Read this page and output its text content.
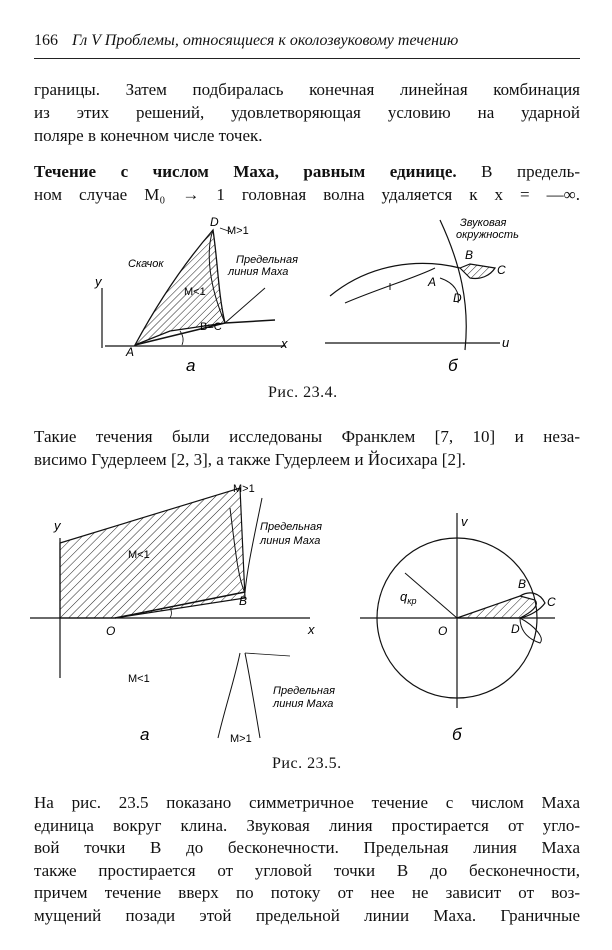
166 Гл V Проблемы, относящиеся к околозвуковому течению
границы. Затем подбиралась конечная линейная комбинация
из этих решений, удовлетворяющая условию на ударной
поляре в конечном числе точек.
Течение с числом Маха, равным единице. В предель-
ном случае M₀ → 1 головная волна удаляется к x = —∞.
Скачок	Предельная
линия Маха
M>1
M<1
B=C
A
D
x
y
а
Звуковая
окружность
B
C
A
D
u
б
Рис. 23.4.
Такие течения были исследованы Франклем [7, 10] и неза-
висимо Гудерлеем [2, 3], а также Гудерлеем и Йосихара [2].
M>1
M<1
Предельная
линия Маха
B
O	x
y
M<1
Предельная
линия Маха
M>1
а
v
$q_{кр}$
B
C
O	D
б
Рис. 23.5.
На рис. 23.5 показано симметричное течение с числом Маха
единица вокруг клина. Звуковая линия простирается от угло-
вой точки B до бесконечности. Предельная линия Маха
также простирается от угловой точки B до бесконечности,
причем течение вверх по потоку от нее не зависит от воз-
мущений позади этой предельной линии Маха. Граничные
